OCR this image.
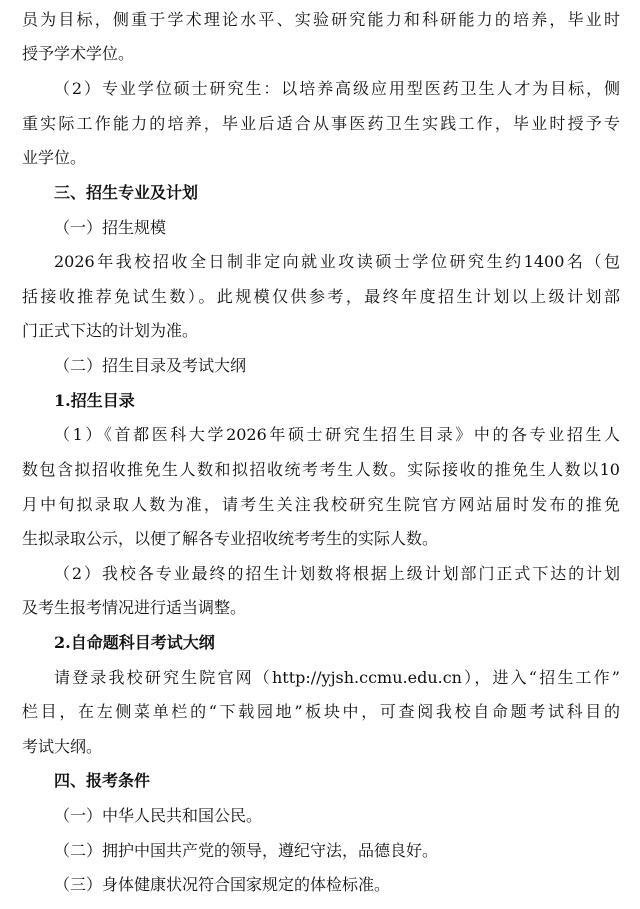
员为目标，侧重于学术理论水平、实验研究能力和科研能力的培养，毕业时
授予学术学位。
（2）专业学位硕士研究生：以培养高级应用型医药卫生人才为目标，侧
重实际工作能力的培养，毕业后适合从事医药卫生实践工作，毕业时授予专
业学位。
三、招生专业及计划
（一）招生规模
2026年我校招收全日制非定向就业攻读硕士学位研究生约1400名（包
括接收推荐免试生数）。此规模仅供参考，最终年度招生计划以上级计划部
门正式下达的计划为准。
（二）招生目录及考试大纲
1.招生目录
（1）《首都医科大学2026年硕士研究生招生目录》中的各专业招生人
数包含拟招收推免生人数和拟招收统考考生人数。实际接收的推免生人数以10
月中旬拟录取人数为准，请考生关注我校研究生院官方网站届时发布的推免
生拟录取公示，以便了解各专业招收统考考生的实际人数。
（2）我校各专业最终的招生计划数将根据上级计划部门正式下达的计划
及考生报考情况进行适当调整。
2.自命题科目考试大纲
请登录我校研究生院官网（http://yjsh.ccmu.edu.cn），进入“招生工作”
栏目，在左侧菜单栏的“下载园地”板块中，可查阅我校自命题考试科目的
考试大纲。
四、报考条件
（一）中华人民共和国公民。
（二）拥护中国共产党的领导，遵纪守法，品德良好。
（三）身体健康状况符合国家规定的体检标准。
